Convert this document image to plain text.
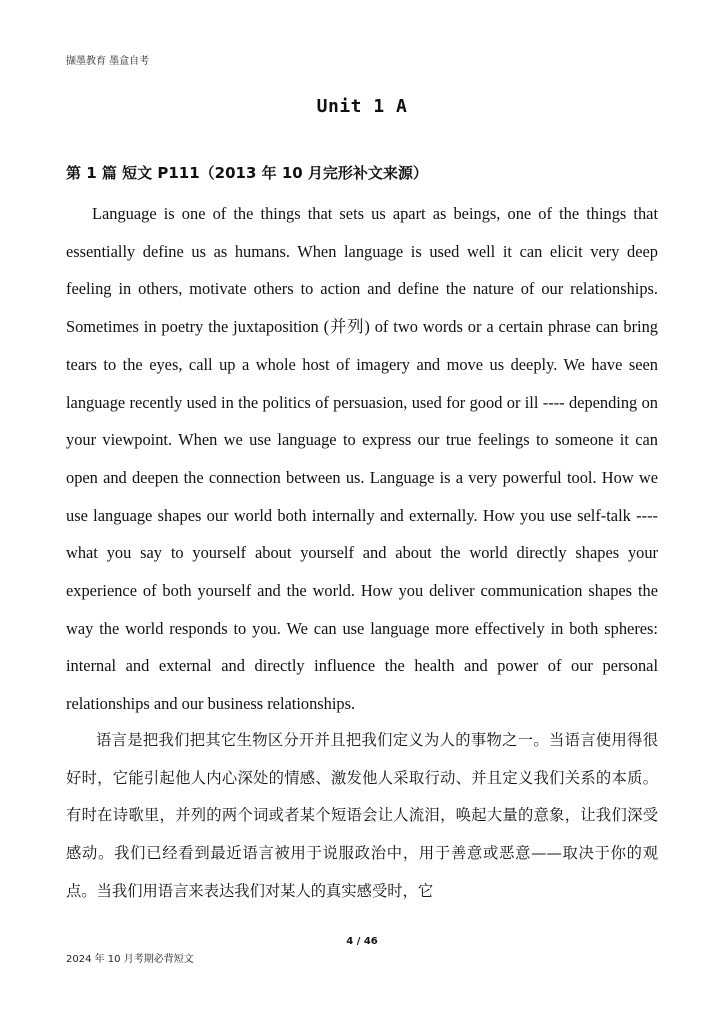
撷墨教育 墨盒自考
Unit 1 A
第 1 篇 短文 P111（2013 年 10 月完形补文来源）

Language is one of the things that sets us apart as beings, one of the things that essentially define us as humans. When language is used well it can elicit very deep feeling in others, motivate others to action and define the nature of our relationships. Sometimes in poetry the juxtaposition (并列) of two words or a certain phrase can bring tears to the eyes, call up a whole host of imagery and move us deeply. We have seen language recently used in the politics of persuasion, used for good or ill ---- depending on your viewpoint. When we use language to express our true feelings to someone it can open and deepen the connection between us. Language is a very powerful tool. How we use language shapes our world both internally and externally. How you use self-talk ---- what you say to yourself about yourself and about the world directly shapes your experience of both yourself and the world. How you deliver communication shapes the way the world responds to you. We can use language more effectively in both spheres: internal and external and directly influence the health and power of our personal relationships and our business relationships.

语言是把我们把其它生物区分开并且把我们定义为人的事物之一。当语言使用得很好时，它能引起他人内心深处的情感、激发他人采取行动、并且定义我们关系的本质。有时在诗歌里，并列的两个词或者某个短语会让人流泪，唤起大量的意象，让我们深受感动。我们已经看到最近语言被用于说服政治中，用于善意或恶意——取决于你的观点。当我们用语言来表达我们对某人的真实感受时，它

4 / 46
2024 年 10 月考期必背短文
